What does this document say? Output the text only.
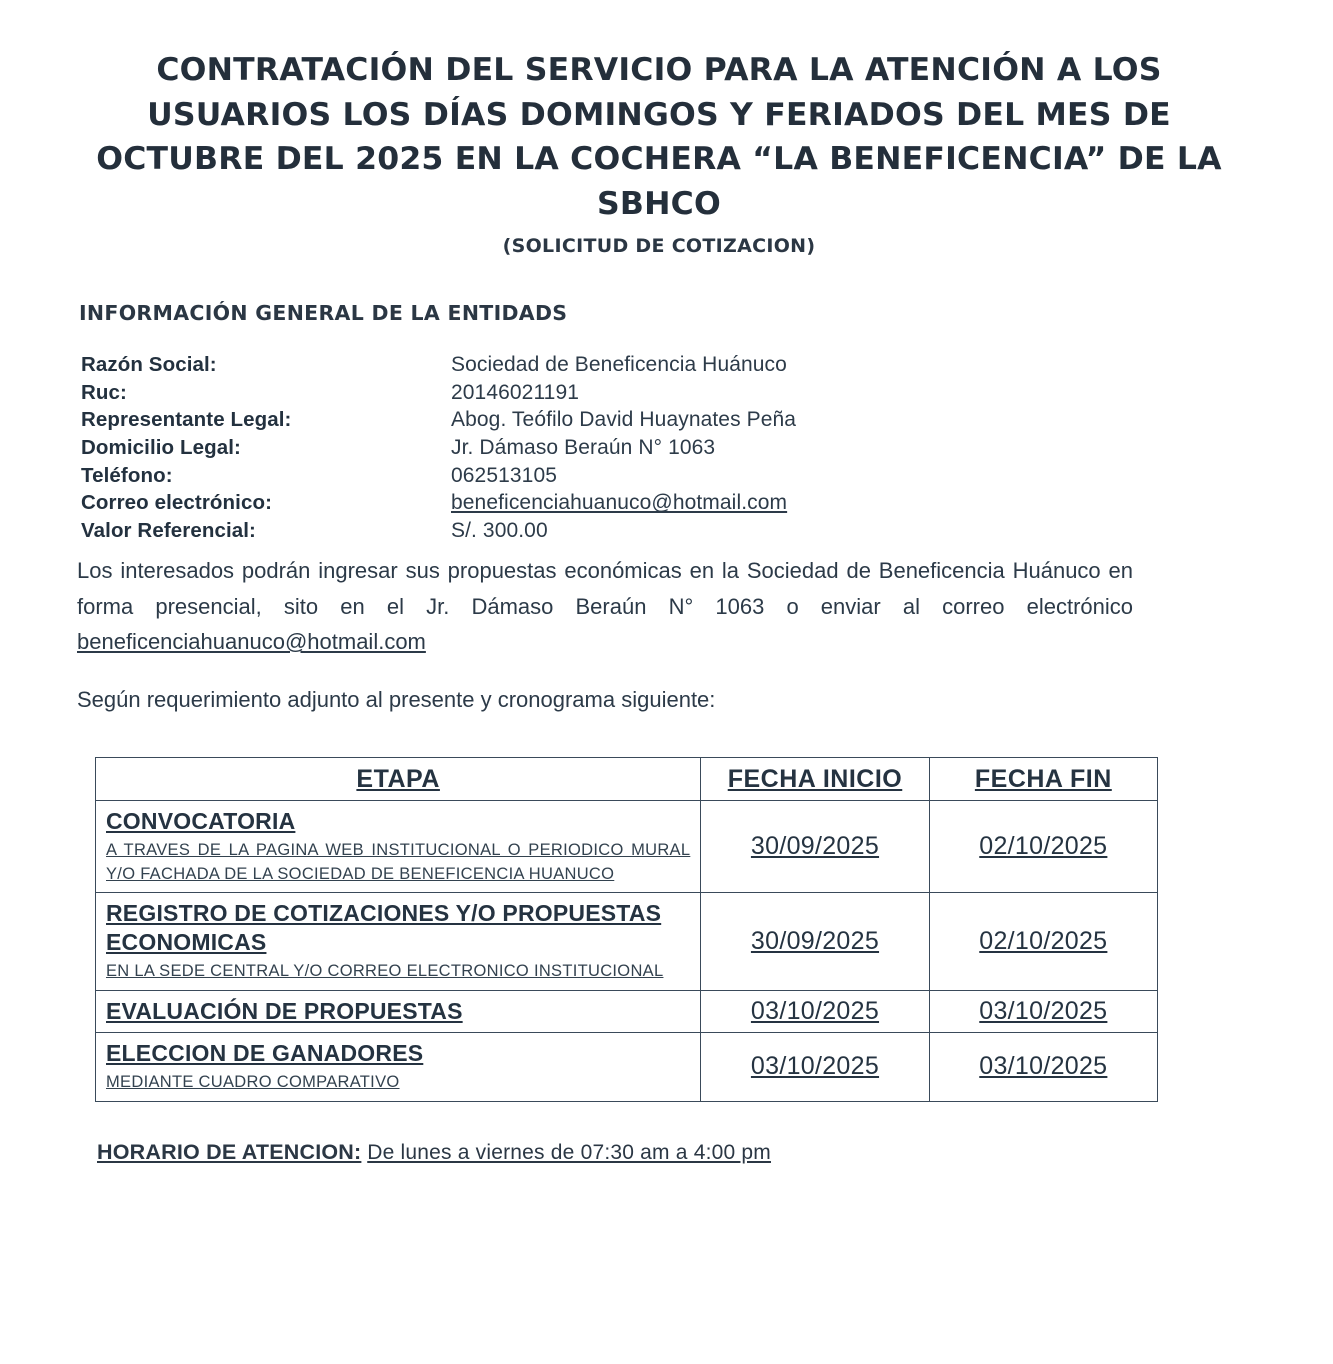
CONTRATACIÓN DEL SERVICIO PARA LA ATENCIÓN A LOS USUARIOS LOS DÍAS DOMINGOS Y FERIADOS DEL MES DE OCTUBRE DEL 2025 EN LA COCHERA “LA BENEFICENCIA” DE LA SBHCO
(SOLICITUD DE COTIZACION)
INFORMACIÓN GENERAL DE LA ENTIDADS
Razón Social:	Sociedad de Beneficencia Huánuco
Ruc:	20146021191
Representante Legal:	Abog. Teófilo David Huaynates Peña
Domicilio Legal:	Jr. Dámaso Beraún N° 1063
Teléfono:	062513105
Correo electrónico:	beneficenciahuanuco@hotmail.com
Valor Referencial:	S/. 300.00

Los interesados podrán ingresar sus propuestas económicas en la Sociedad de Beneficencia Huánuco en forma presencial, sito en el Jr. Dámaso Beraún N° 1063 o enviar al correo electrónico beneficenciahuanuco@hotmail.com

Según requerimiento adjunto al presente y cronograma siguiente:

ETAPA	FECHA INICIO	FECHA FIN

CONVOCATORIA
A TRAVES DE LA PAGINA WEB INSTITUCIONAL O PERIODICO MURAL Y/O FACHADA DE LA SOCIEDAD DE BENEFICENCIA HUANUCO	30/09/2025	02/10/2025
REGISTRO DE COTIZACIONES Y/O PROPUESTAS ECONOMICAS
EN LA SEDE CENTRAL Y/O CORREO ELECTRONICO INSTITUCIONAL	30/09/2025	02/10/2025
EVALUACIÓN DE PROPUESTAS	03/10/2025	03/10/2025
ELECCION DE GANADORES
MEDIANTE CUADRO COMPARATIVO	03/10/2025	03/10/2025
HORARIO DE ATENCION: De lunes a viernes de 07:30 am a 4:00 pm
